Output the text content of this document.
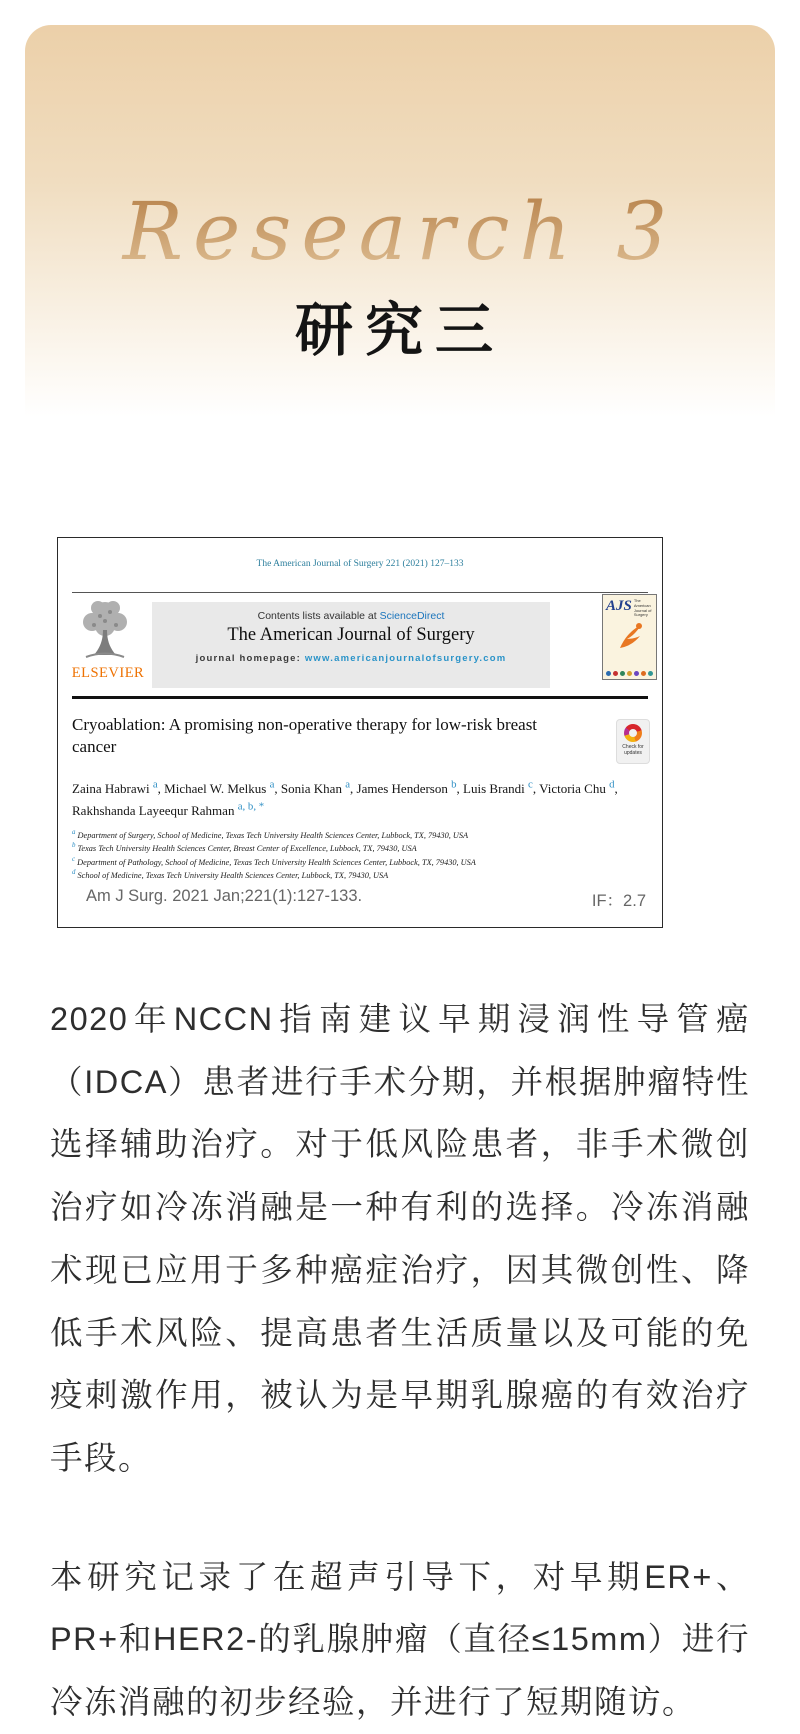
Research 3
研究三
The American Journal of Surgery 221 (2021) 127–133
ELSEVIER
Contents lists available at ScienceDirect
The American Journal of Surgery
journal homepage: www.americanjournalofsurgery.com
AJS The American Journal of Surgery
Cryoablation: A promising non-operative therapy for low-risk breast cancer	Check for updates
Zaina Habrawi $^a$, Michael W. Melkus $^a$, Sonia Khan $^a$, James Henderson $^b$, Luis Brandi $^c$, Victoria Chu $^d$, Rakhshanda Layeequr Rahman $^{a, b, *}$
$^a$ Department of Surgery, School of Medicine, Texas Tech University Health Sciences Center, Lubbock, TX, 79430, USA
$^b$ Texas Tech University Health Sciences Center, Breast Center of Excellence, Lubbock, TX, 79430, USA
$^c$ Department of Pathology, School of Medicine, Texas Tech University Health Sciences Center, Lubbock, TX, 79430, USA
$^d$ School of Medicine, Texas Tech University Health Sciences Center, Lubbock, TX, 79430, USA
Am J Surg. 2021 Jan;221(1):127-133.	IF：2.7

2020年NCCN指南建议早期浸润性导管癌（IDCA）患者进行手术分期，并根据肿瘤特性选择辅助治疗。对于低风险患者，非手术微创治疗如冷冻消融是一种有利的选择。冷冻消融术现已应用于多种癌症治疗，因其微创性、降低手术风险、提高患者生活质量以及可能的免疫刺激作用，被认为是早期乳腺癌的有效治疗手段。

本研究记录了在超声引导下，对早期ER+、PR+和HER2-的乳腺肿瘤（直径≤15mm）进行冷冻消融的初步经验，并进行了短期随访。
